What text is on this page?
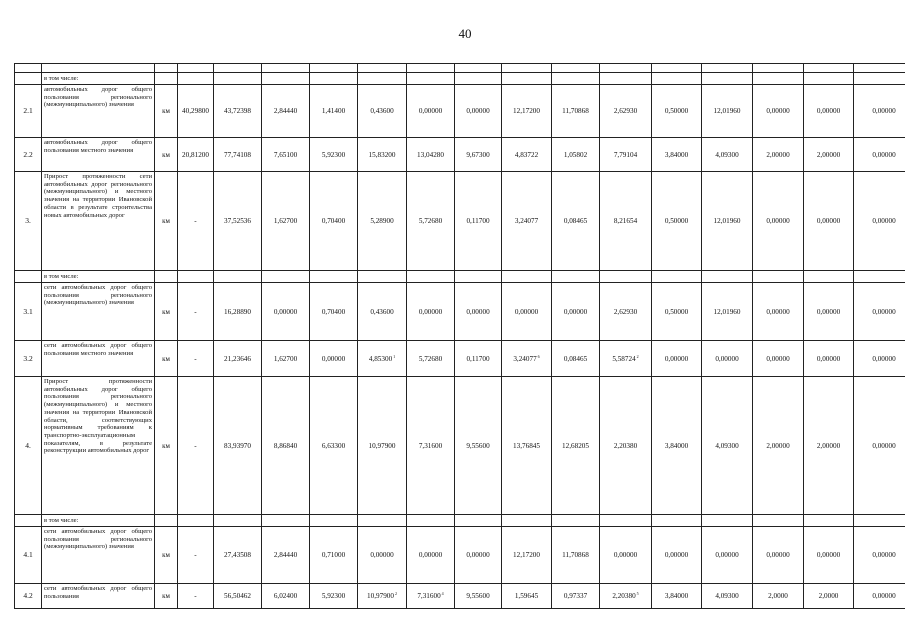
40

	в том числе:																
2.1	автомобильных дорог общего пользования регионального (межмуниципального) значения	км	40,29800	43,72398	2,84440	1,41400	0,43600	0,00000	0,00000	12,17200	11,70868	2,62930	0,50000	12,01960	0,00000	0,00000	0,00000
2.2	автомобильных дорог общего пользования местного значения	км	20,81200	77,74108	7,65100	5,92300	15,83200	13,04280	9,67300	4,83722	1,05802	7,79104	3,84000	4,09300	2,00000	2,00000	0,00000
3.	Прирост протяженности сети автомобильных дорог регионального (межмуниципального) и местного значения на территории Ивановской области в результате строительства новых автомобильных дорог	км	-	37,52536	1,62700	0,70400	5,28900	5,72680	0,11700	3,24077	0,08465	8,21654	0,50000	12,01960	0,00000	0,00000	0,00000
	в том числе:																
3.1	сети автомобильных дорог общего пользования регионального (межмуниципального) значения	км	-	16,28890	0,00000	0,70400	0,43600	0,00000	0,00000	0,00000	0,00000	2,62930	0,50000	12,01960	0,00000	0,00000	0,00000
3.2	сети автомобильных дорог общего пользования местного значения	км	-	21,23646	1,62700	0,00000	4,85300$^1$	5,72680	0,11700	3,24077$^6$	0,08465	5,58724$^2$	0,00000	0,00000	0,00000	0,00000	0,00000
4.	Прирост протяженности автомобильных дорог общего пользования регионального (межмуниципального) и местного значения на территории Ивановской области, соответствующих нормативным требованиям к транспортно-эксплуатационным показателям, в результате реконструкции автомобильных дорог	км	-	83,93970	8,86840	6,63300	10,97900	7,31600	9,55600	13,76845	12,68205	2,20380	3,84000	4,09300	2,00000	2,00000	0,00000
	в том числе:																
4.1	сети автомобильных дорог общего пользования регионального (межмуниципального) значения	км	-	27,43508	2,84440	0,71000	0,00000	0,00000	0,00000	12,17200	11,70868	0,00000	0,00000	0,00000	0,00000	0,00000	0,00000
4.2	сети автомобильных дорог общего пользования	км	-	56,50462	6,02400	5,92300	10,97900$^2$	7,31600$^4$	9,55600	1,59645	0,97337	2,20380$^5$	3,84000	4,09300	2,0000	2,0000	0,00000
